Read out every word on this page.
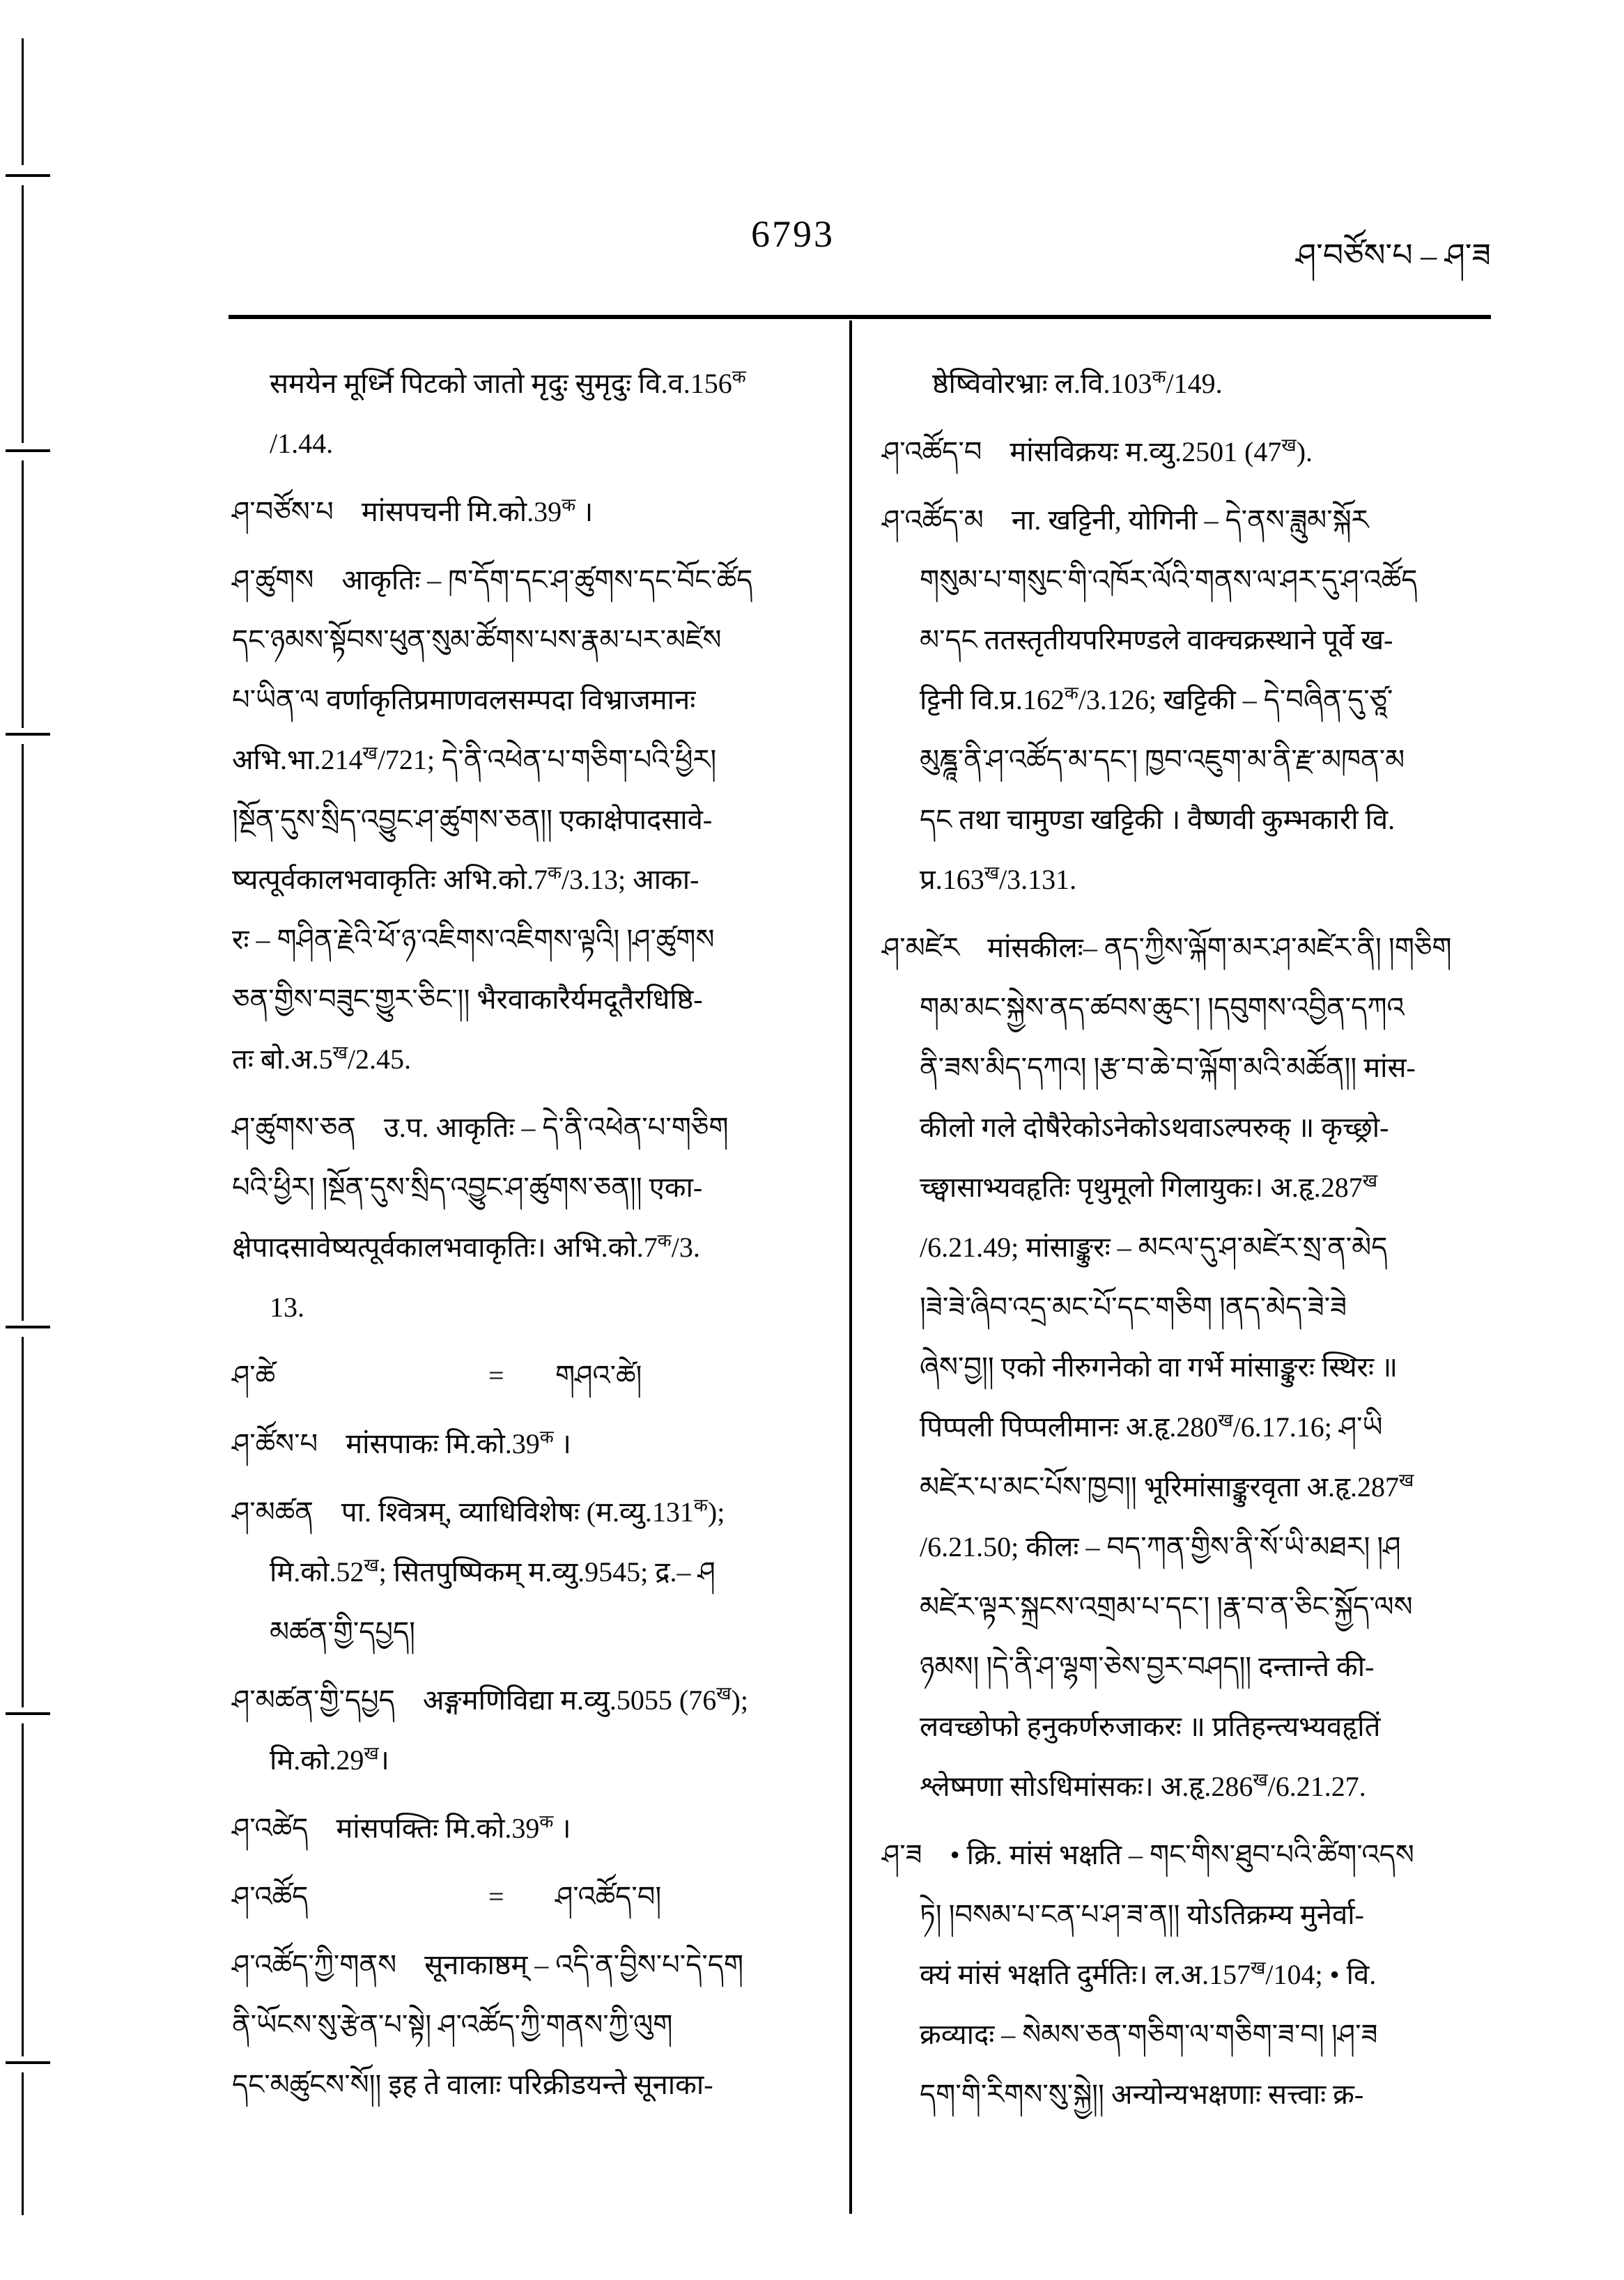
6793
ཤ་བཙོས་པ – ཤ་ཟ
समयेन मूर्ध्नि पिटको जातो मृदुः सुमृदुः $वि.व.156^क$
/1.44.
ཤ་བཙོས་པ मांसपचनी $मि.को.39^क$ ।
ཤ་ཚུགས आकृतिः – ཁ་དོག་དང་ཤ་ཚུགས་དང་བོང་ཚོད
དང་ཉམས་སྟོབས་ཕུན་སུམ་ཚོགས་པས་རྣམ་པར་མཛེས
པ་ཡིན་ལ वर्णाकृतिप्रमाणवलसम्पदा विभ्राजमानः
$अभि.भा.214^ख/721$; དེ་ནི་འཕེན་པ་གཅིག་པའི་ཕྱིར།
།སྔོན་དུས་སྲིད་འབྱུང་ཤ་ཚུགས་ཅན།། एकाक्षेपादसावे-
ष्यत्पूर्वकालभवाकृतिः $अभि.को.7^क/3.13$; आका-
रः – གཤིན་རྗེའི་ཕོ་ཉ་འཇིགས་འཇིགས་ལྟའི། །ཤ་ཚུགས
ཅན་གྱིས་བཟུང་གྱུར་ཅིང་།། भैरवाकारैर्यमदूतैरधिष्ठि-
तः $बो.अ.5^ख/2.45$.
ཤ་ཚུགས་ཅན उ.प. आकृतिः – དེ་ནི་འཕེན་པ་གཅིག
པའི་ཕྱིར། །སྔོན་དུས་སྲིད་འབྱུང་ཤ་ཚུགས་ཅན།། एका-
क्षेपादसावेष्यत्पूर्वकालभवाकृतिः। $अभि.को.7^क/3$.
13.
ཤ་ཚེ	=	གཤའ་ཚེ།
ཤ་ཚོས་པ मांसपाकः $मि.को.39^क$ ।
ཤ་མཚན पा. श्वित्रम्, व्याधिविशेषः $(म.व्यु.131^क)$;
$मि.को.52^ख$; सितपुष्पिकम् म.व्यु.9545; द्र.– ཤ
མཚན་གྱི་དཔྱད།
ཤ་མཚན་གྱི་དཔྱད अङ्गमणिविद्या म.व्यु.5055 $(76^ख)$;
$मि.को.29^ख।$
ཤ་འཚེད मांसपक्तिः $मि.को.39^क$ ।
ཤ་འཚོད	=	ཤ་འཚོད་བ།
ཤ་འཚོད་ཀྱི་གནས सूनाकाष्ठम् – འདི་ན་བྱིས་པ་དེ་དག
ནི་ཡོངས་སུ་རྩེན་པ་སྟེ། ཤ་འཚོད་ཀྱི་གནས་ཀྱི་ལུག
དང་མཚུངས་སོ།། इह ते वालाः परिक्रीडयन्ते सूनाका-
ष्ठेष्विवोरभ्राः $ल.वि.103^क/149$.
ཤ་འཚོད་བ मांसविक्रयः म.व्यु.2501 $(47^ख)$.
ཤ་འཚོད་མ ना. खट्टिनी, योगिनी – དེ་ནས་ཟླུམ་སྐོར
གསུམ་པ་གསུང་གི་འཁོར་ལོའི་གནས་ལ་ཤར་དུ་ཤ་འཚོད
མ་དང ततस्तृतीयपरिमण्डले वाक्चक्रस्थाने पूर्वे ख-
ट्टिनी $वि.प्र.162^क/3.126$; खट्टिकी – དེ་བཞིན་དུ་ཙཱ་
མུཎྜཱ་ནི་ཤ་འཚོད་མ་དང་། ཁྱབ་འཇུག་མ་ནི་རྫ་མཁན་མ
དང तथा चामुण्डा खट्टिकी । वैष्णवी कुम्भकारी वि.
$प्र.163^ख/3.131$.
ཤ་མཛེར मांसकीलः– ནད་ཀྱིས་ལྐོག་མར་ཤ་མཛེར་ནི། །གཅིག
གམ་མང་སྐྱེས་ནད་ཚབས་ཆུང་། །དབུགས་འབྱིན་དཀའ
ནི་ཟས་མིད་དཀའ། །རྩ་བ་ཆེ་བ་ལྐོག་མའི་མཚོན།། मांस-
कीलो गले दोषैरेकोऽनेकोऽथवाऽल्परुक् ॥ कृच्छ्रो-
च्छ्वासाभ्यवहृतिः पृथुमूलो गिलायुकः। $अ.हृ.287^ख$
/6.21.49; मांसाङ्कुरः – མངལ་དུ་ཤ་མཛེར་སྲ་ན་མེད
།ཟེ་ཟེ་ཞིབ་འདྲ་མང་པོ་དང་གཅིག །ནད་མེད་ཟེ་ཟེ
ཞེས་བྱ།། एको नीरुगनेको वा गर्भे मांसाङ्कुरः स्थिरः ॥
पिप्पली पिप्पलीमानः $अ.हृ.280^ख/6.17.16$; ཤ་ཡི
མཛེར་པ་མང་པོས་ཁྱབ།། भूरिमांसाङ्कुरवृता $अ.हृ.287^ख$
/6.21.50; कीलः – བད་ཀན་གྱིས་ནི་སོ་ཡི་མཐར། །ཤ
མཛེར་ལྟར་སྐྲངས་འགྲམ་པ་དང་། །རྣ་བ་ན་ཅིང་སྐྱོད་ལས
ཉམས། །དེ་ནི་ཤ་ལྷག་ཅེས་བྱར་བཤད།། दन्तान्ते की-
लवच्छोफो हनुकर्णरुजाकरः ॥ प्रतिहन्त्यभ्यवहृतिं
श्लेष्मणा सोऽधिमांसकः। $अ.हृ.286^ख/6.21.27$.
ཤ་ཟ • क्रि. मांसं भक्षति – གང་གིས་ཐུབ་པའི་ཚིག་འདས
ཏེ། །བསམ་པ་ངན་པ་ཤ་ཟ་ན།། योऽतिक्रम्य मुनेर्वा-
क्यं मांसं भक्षति दुर्मतिः। $ल.अ.157^ख/104$; • वि.
क्रव्यादः – སེམས་ཅན་གཅིག་ལ་གཅིག་ཟ་བ། །ཤ་ཟ
དག་གི་རིགས་སུ་སྐྱེ།། अन्योन्यभक्षणाः सत्त्वाः क्र-
